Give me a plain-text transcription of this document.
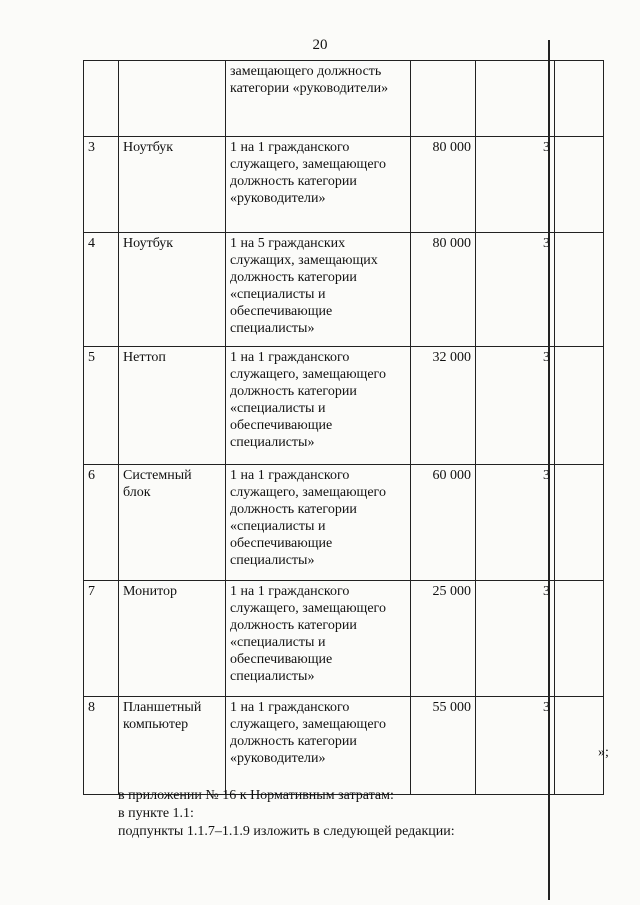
20
		замещающего должность категории «руководители»			
3	Ноутбук	1 на 1 гражданского служащего, замещающего должность категории «руководители»	80 000	3	
4	Ноутбук	1 на 5 гражданских служащих, замещающих должность категории «специалисты и обеспечивающие специалисты»	80 000	3	
5	Неттоп	1 на 1 гражданского служащего, замещающего должность категории «специалисты и обеспечивающие специалисты»	32 000	3	
6	Системный блок	1 на 1 гражданского служащего, замещающего должность категории «специалисты и обеспечивающие специалисты»	60 000	3	
7	Монитор	1 на 1 гражданского служащего, замещающего должность категории «специалисты и обеспечивающие специалисты»	25 000	3	
8	Планшетный компьютер	1 на 1 гражданского служащего, замещающего должность категории «руководители»	55 000	3	
»;
в приложении № 16 к Нормативным затратам:
в пункте 1.1:
подпункты 1.1.7–1.1.9 изложить в следующей редакции:
